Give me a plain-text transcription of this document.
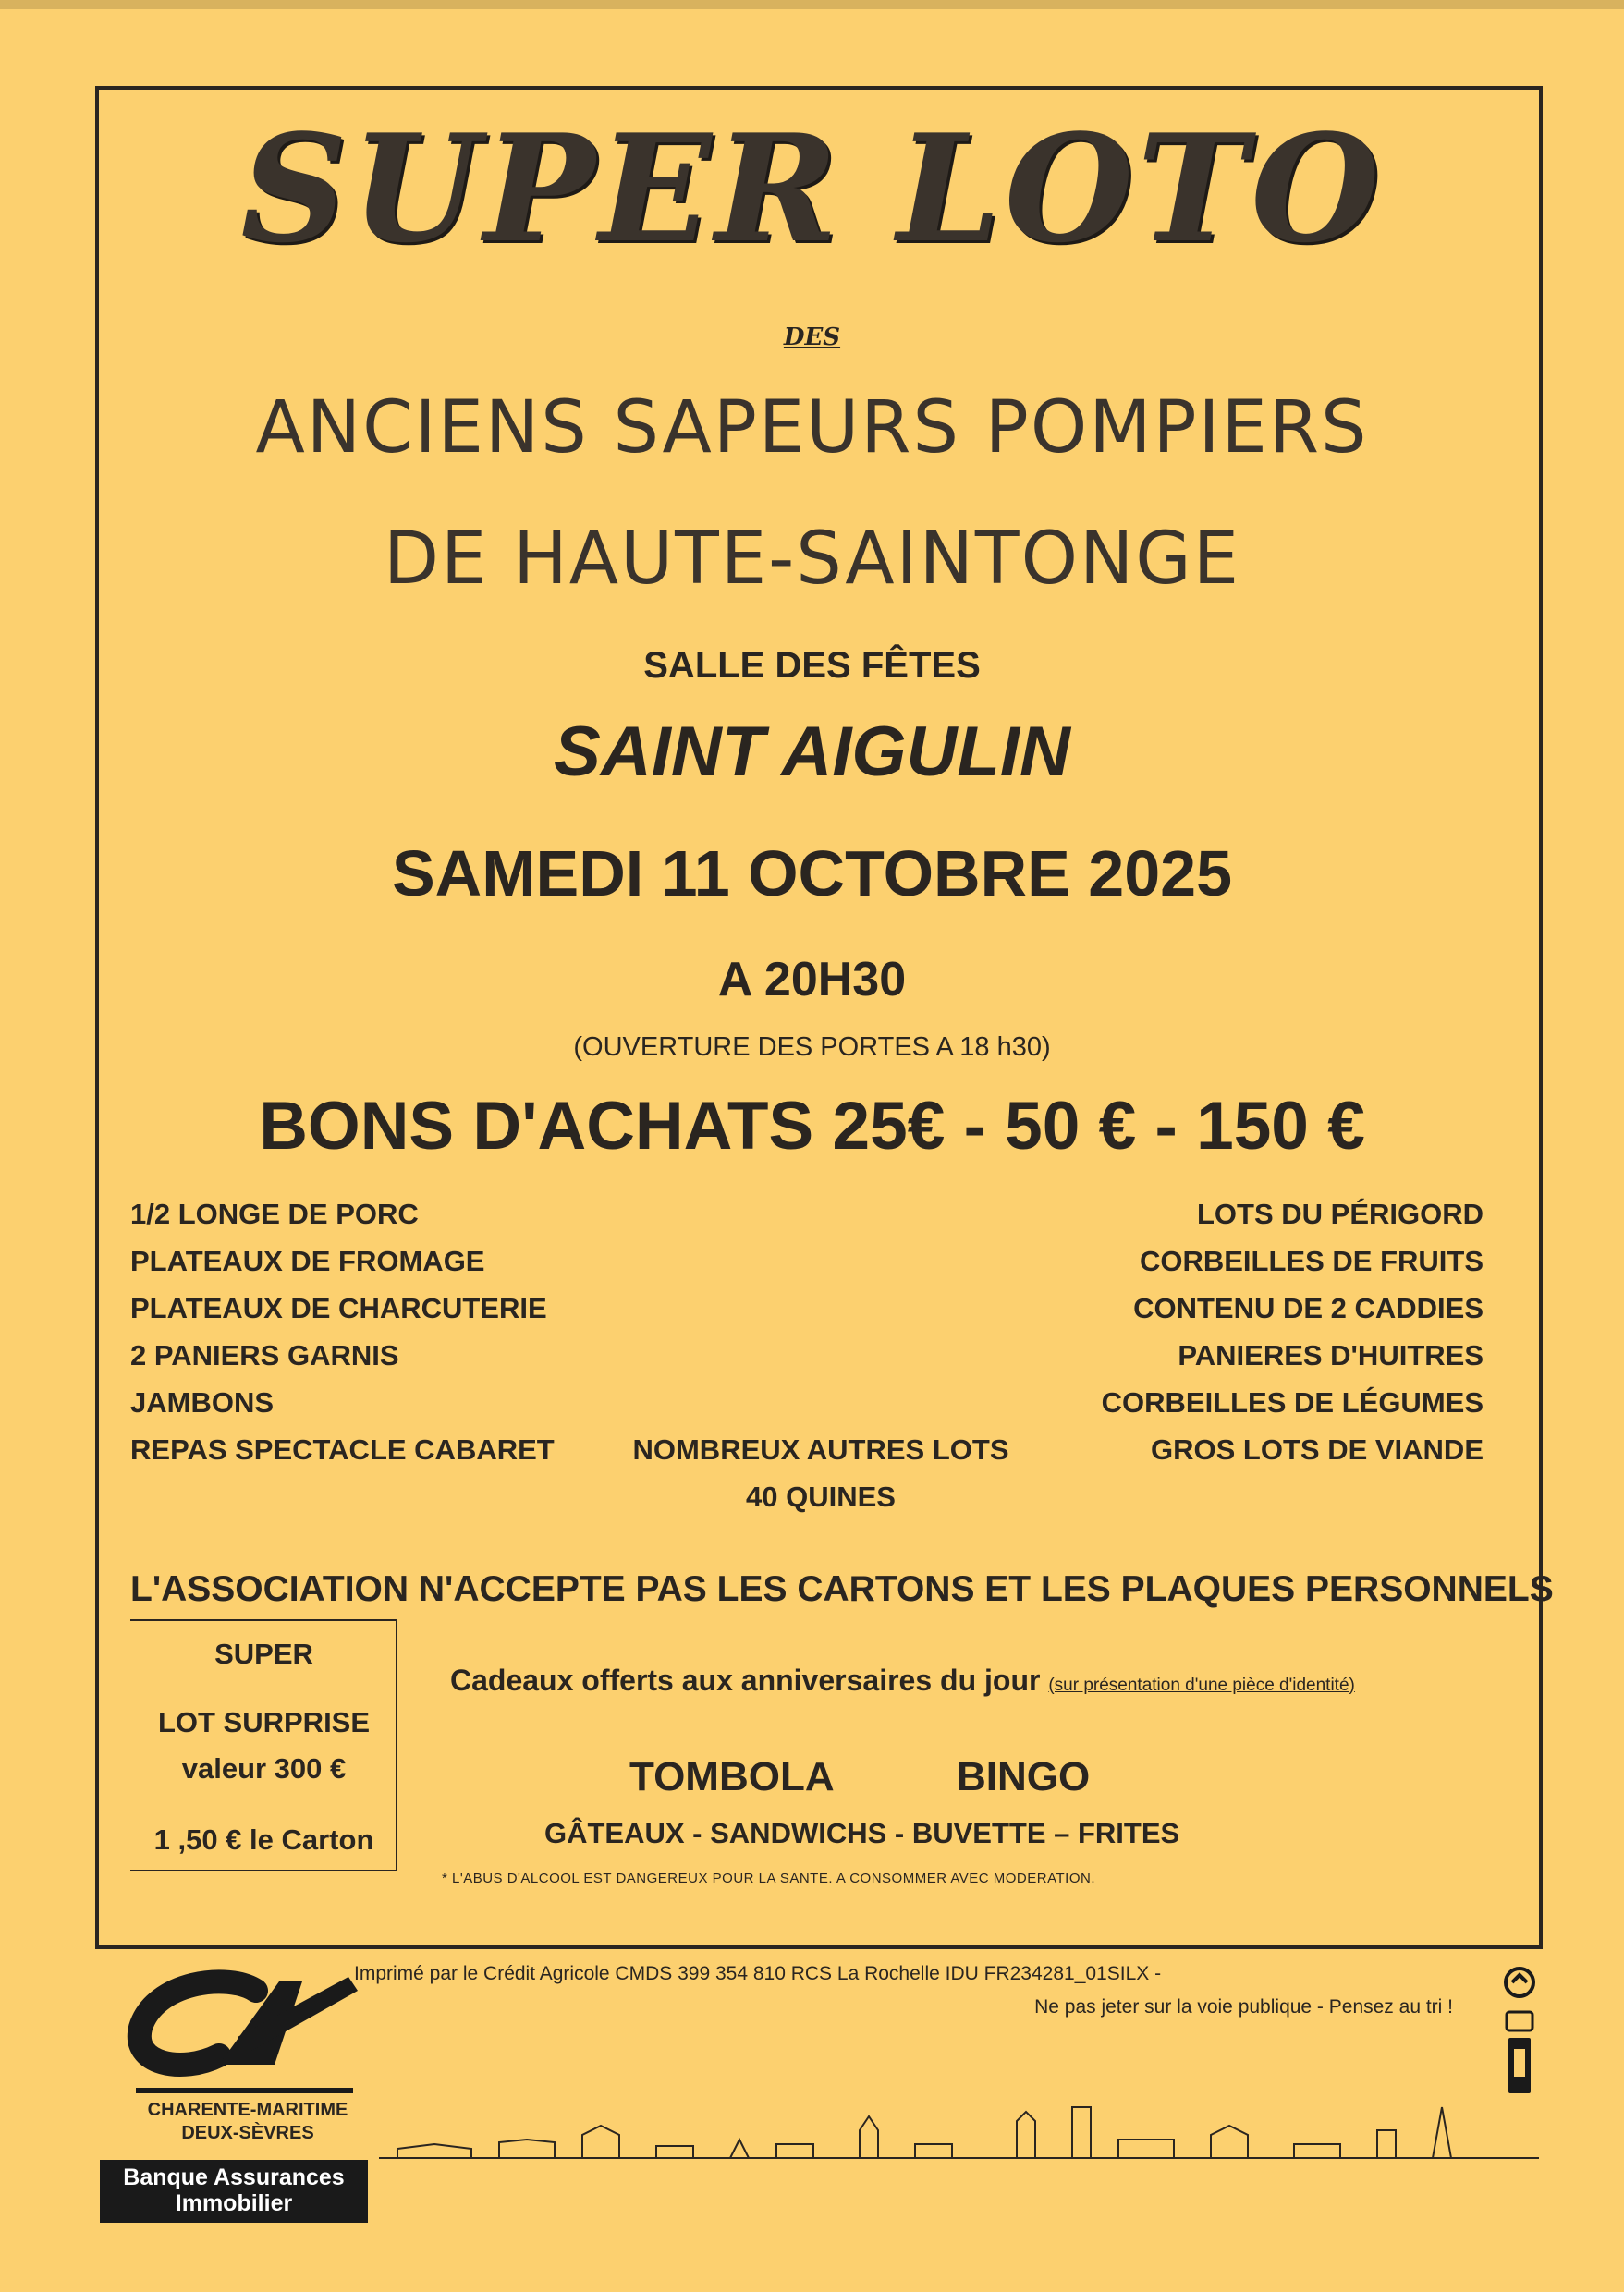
SUPER LOTO
DES
ANCIENS SAPEURS POMPIERS
DE HAUTE-SAINTONGE
SALLE DES FÊTES
SAINT AIGULIN
SAMEDI 11 OCTOBRE 2025
A 20H30
(OUVERTURE DES PORTES A 18 h30)
BONS D'ACHATS 25€ - 50 € - 150 €
1/2 LONGE DE PORC
PLATEAUX DE FROMAGE
PLATEAUX DE CHARCUTERIE
2 PANIERS GARNIS
JAMBONS
REPAS SPECTACLE CABARET
LOTS DU PÉRIGORD
CORBEILLES DE FRUITS
CONTENU DE 2 CADDIES
PANIERES D'HUITRES
CORBEILLES DE LÉGUMES
GROS LOTS DE VIANDE
NOMBREUX AUTRES LOTS
40 QUINES
L'ASSOCIATION N'ACCEPTE PAS LES CARTONS ET LES PLAQUES PERSONNELS
SUPER
LOT SURPRISE
valeur 300 €
1 ,50 € le Carton
Cadeaux offerts aux anniversaires du jour (sur présentation d'une pièce d'identité)
TOMBOLA	BINGO
GÂTEAUX - SANDWICHS - BUVETTE – FRITES
* L'ABUS D'ALCOOL EST DANGEREUX POUR LA SANTE. A CONSOMMER AVEC MODERATION.
Imprimé par le Crédit Agricole CMDS 399 354 810 RCS La Rochelle IDU FR234281_01SILX -
Ne pas jeter sur la voie publique - Pensez au tri !
CHARENTE-MARITIME
DEUX-SÈVRES
Banque Assurances
Immobilier
